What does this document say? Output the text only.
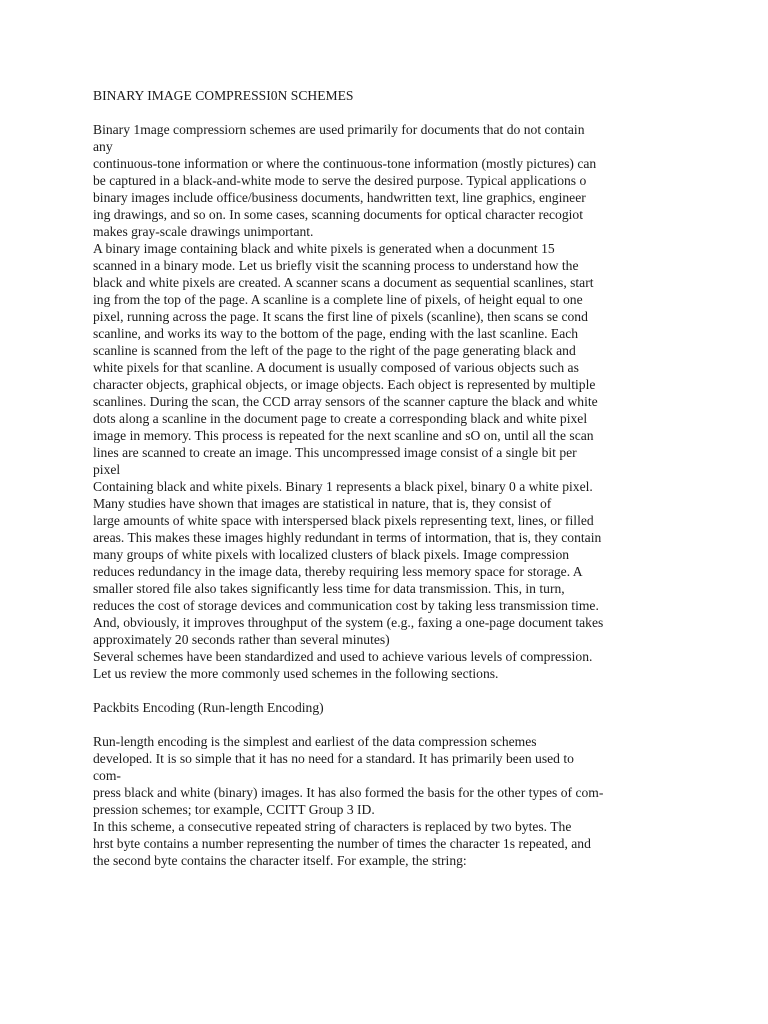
BINARY IMAGE COMPRESSI0N SCHEMES
Binary 1mage compressiorn schemes are used primarily for documents that do not contain
any
continuous-tone information or where the continuous-tone information (mostly pictures) can
be captured in a black-and-white mode to serve the desired purpose. Typical applications o
binary images include office/business documents, handwritten text, line graphics, engineer
ing drawings, and so on. In some cases, scanning documents for optical character recogiot
makes gray-scale drawings unimportant.
A binary image containing black and white pixels is generated when a docunment 15
scanned in a binary mode. Let us briefly visit the scanning process to understand how the
black and white pixels are created. A scanner scans a document as sequential scanlines, start
ing from the top of the page. A scanline is a complete line of pixels, of height equal to one
pixel, running across the page. It scans the first line of pixels (scanline), then scans se cond
scanline, and works its way to the bottom of the page, ending with the last scanline. Each
scanline is scanned from the left of the page to the right of the page generating black and
white pixels for that scanline. A document is usually composed of various objects such as
character objects, graphical objects, or image objects. Each object is represented by multiple
scanlines. During the scan, the CCD array sensors of the scanner capture the black and white
dots along a scanline in the document page to create a corresponding black and white pixel
image in memory. This process is repeated for the next scanline and sO on, until all the scan
lines are scanned to create an image. This uncompressed image consist of a single bit per
pixel
Containing black and white pixels. Binary 1 represents a black pixel, binary 0 a white pixel.
Many studies have shown that images are statistical in nature, that is, they consist of
large amounts of white space with interspersed black pixels representing text, lines, or filled
areas. This makes these images highly redundant in terms of intormation, that is, they contain
many groups of white pixels with localized clusters of black pixels. Image compression
reduces redundancy in the image data, thereby requiring less memory space for storage. A
smaller stored file also takes significantly less time for data transmission. This, in turn,
reduces the cost of storage devices and communication cost by taking less transmission time.
And, obviously, it improves throughput of the system (e.g., faxing a one-page document takes
approximately 20 seconds rather than several minutes)
Several schemes have been standardized and used to achieve various levels of compression.
Let us review the more commonly used schemes in the following sections.
Packbits Encoding (Run-length Encoding)
Run-length encoding is the simplest and earliest of the data compression schemes
developed. It is so simple that it has no need for a standard. It has primarily been used to
com-
press black and white (binary) images. It has also formed the basis for the other types of com-
pression schemes; tor example, CCITT Group 3 ID.
In this scheme, a consecutive repeated string of characters is replaced by two bytes. The
hrst byte contains a number representing the number of times the character 1s repeated, and
the second byte contains the character itself. For example, the string:
